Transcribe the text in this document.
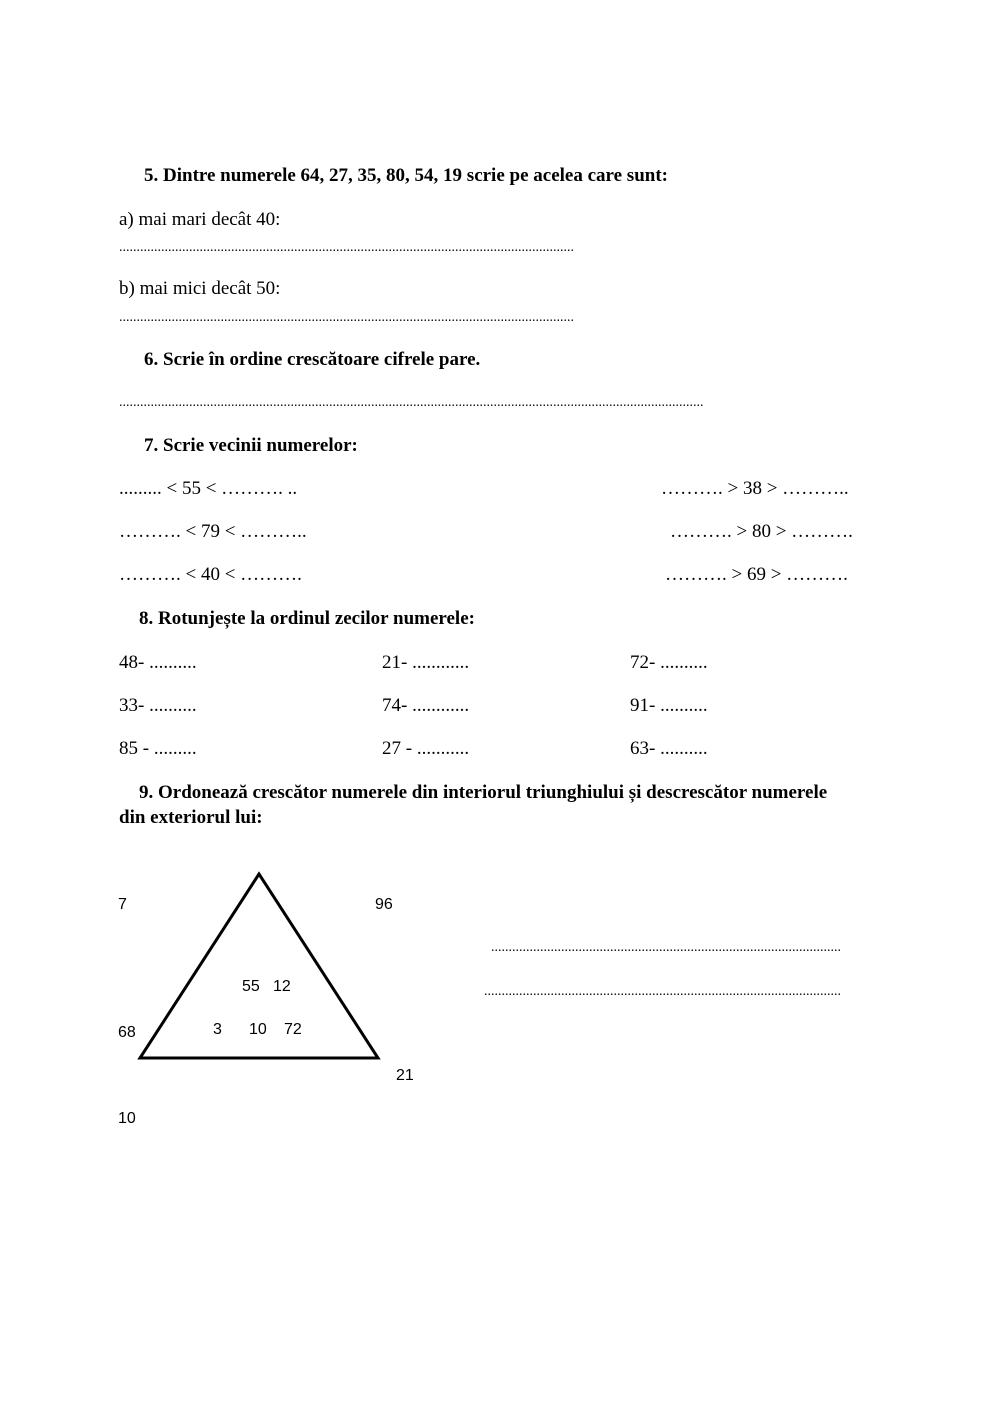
5. Dintre numerele 64, 27, 35, 80, 54, 19 scrie pe acelea care sunt:
a) mai mari decât 40:
..................................................................................................................................
b) mai mici decât 50:
..................................................................................................................................
6. Scrie în ordine crescătoare cifrele pare.
.......................................................................................................................................................................
7. Scrie vecinii numerelor:
......... < 55 < ………. ..
………. < 79 < ………..
………. < 40 < ……….
………. > 38 > ………..
………. > 80 > ……….
………. > 69 > ……….
8. Rotunjește la ordinul zecilor numerele:
48- ..........
33- ..........
85 - .........
21- ............
74- ............
27 - ...........
72- ..........
91- ..........
63- ..........
9. Ordonează crescător numerele din interiorul triunghiului și descrescător numerele
din exteriorul lui:
7	96
68
21
10
55 12
3 10 72
....................................................................................................
......................................................................................................
